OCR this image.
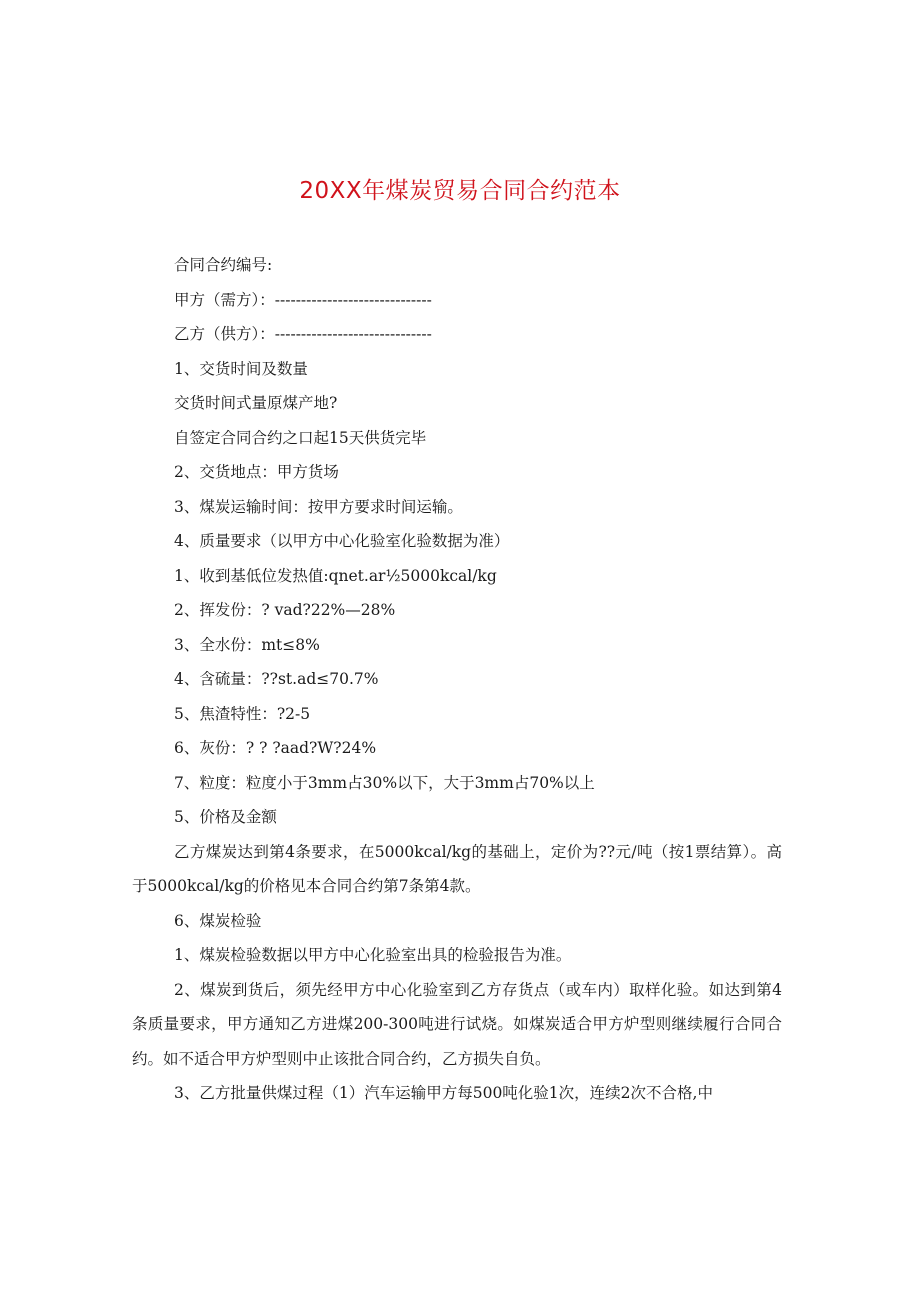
20XX年煤炭贸易合同合约范本
合同合约编号:
甲方（需方）：------------------------------
乙方（供方）：------------------------------
1、交货时间及数量
交货时间式量原煤产地?
自签定合同合约之口起15天供货完毕
2、交货地点：甲方货场
3、煤炭运输时间：按甲方要求时间运输。
4、质量要求（以甲方中心化验室化验数据为准）
1、收到基低位发热值:qnet.ar½5000kcal/kg
2、挥发份：? vad?22%—28%
3、全水份：mt≤8%
4、含硫量：??st.ad≤70.7%
5、焦渣特性：?2-5
6、灰份：? ? ?aad?W?24%
7、粒度：粒度小于3mm占30%以下，大于3mm占70%以上
5、价格及金额
乙方煤炭达到第4条要求，在5000kcal/kg的基础上，定价为??元/吨（按1票结算）。高于5000kcal/kg的价格见本合同合约第7条第4款。
6、煤炭检验
1、煤炭检验数据以甲方中心化验室出具的检验报告为准。
2、煤炭到货后，须先经甲方中心化验室到乙方存货点（或车内）取样化验。如达到第4条质量要求，甲方通知乙方进煤200-300吨进行试烧。如煤炭适合甲方炉型则继续履行合同合约。如不适合甲方炉型则中止该批合同合约，乙方损失自负。
3、乙方批量供煤过程（1）汽车运输甲方每500吨化验1次，连续2次不合格,中
